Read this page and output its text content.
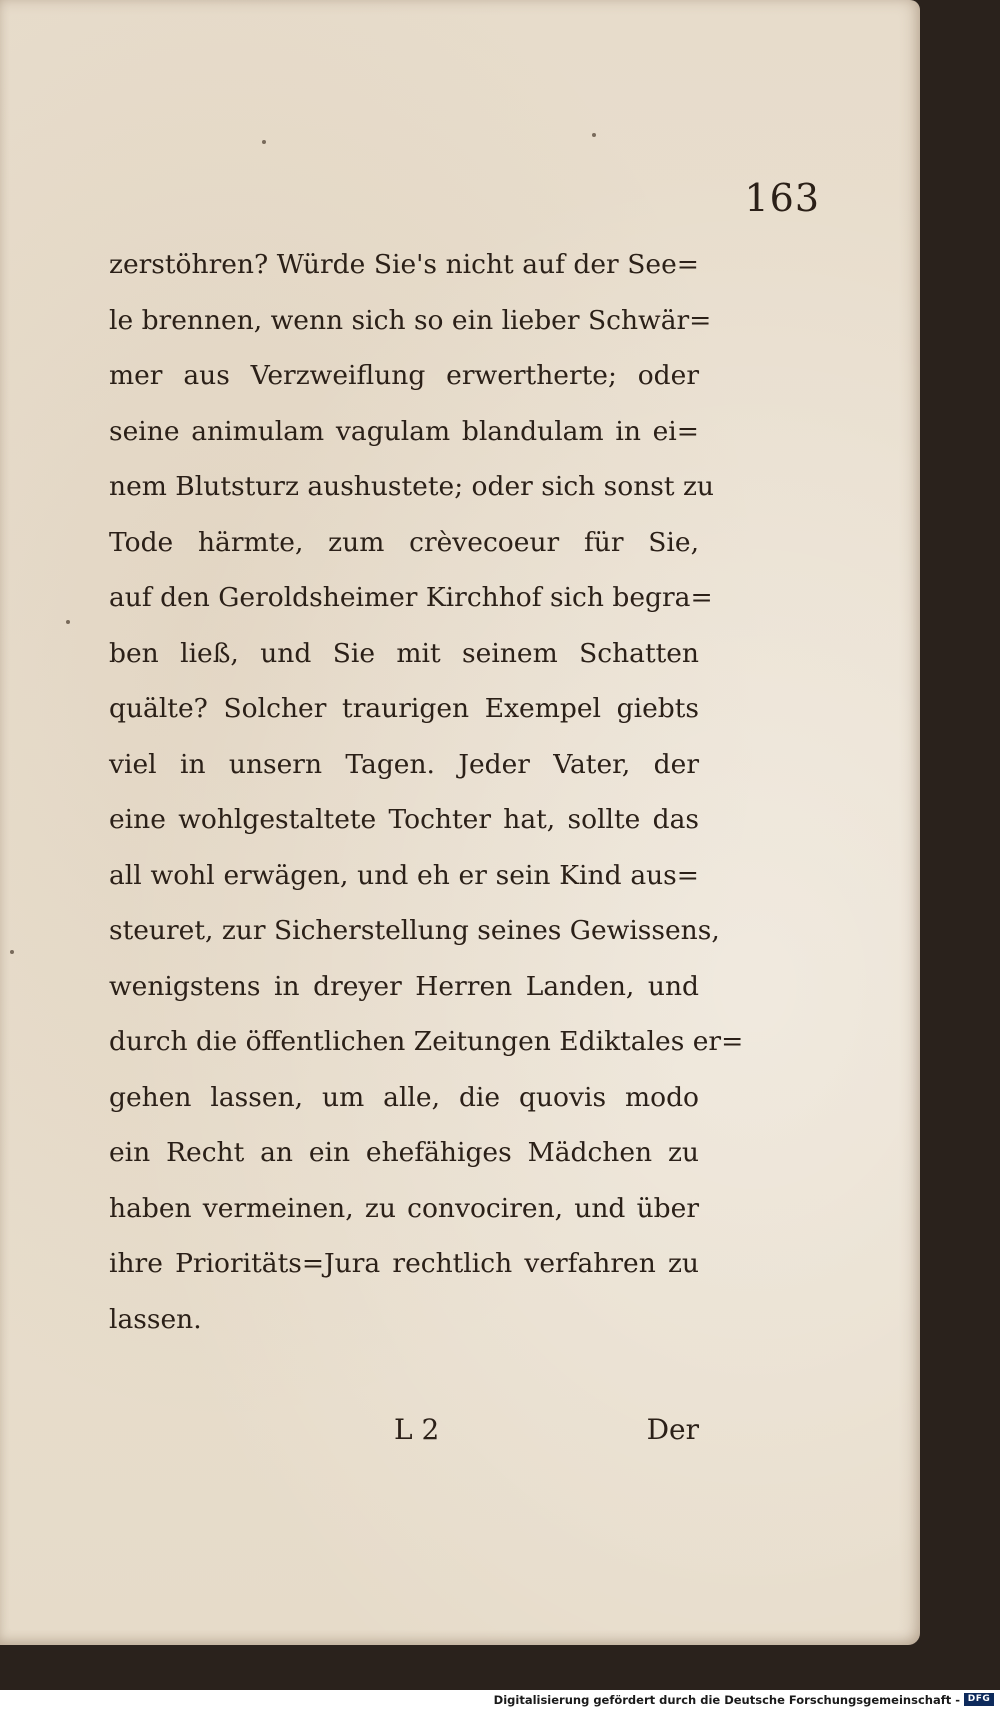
163
zerstöhren? Würde Sie's nicht auf der See=
le brennen, wenn sich so ein lieber Schwär=
mer aus Verzweiflung erwertherte; oder
seine animulam vagulam blandulam in ei=
nem Blutsturz aushustete; oder sich sonst zu
Tode härmte, zum crèvecoeur für Sie,
auf den Geroldsheimer Kirchhof sich begra=
ben ließ, und Sie mit seinem Schatten
quälte? Solcher traurigen Exempel giebts
viel in unsern Tagen. Jeder Vater, der
eine wohlgestaltete Tochter hat, sollte das
all wohl erwägen, und eh er sein Kind aus=
steuret, zur Sicherstellung seines Gewissens,
wenigstens in dreyer Herren Landen, und
durch die öffentlichen Zeitungen Ediktales er=
gehen lassen, um alle, die quovis modo
ein Recht an ein ehefähiges Mädchen zu
haben vermeinen, zu convociren, und über
ihre Prioritäts=Jura rechtlich verfahren zu
lassen.
L 2	Der
Digitalisierung gefördert durch die Deutsche Forschungsgemeinschaft - DFG
